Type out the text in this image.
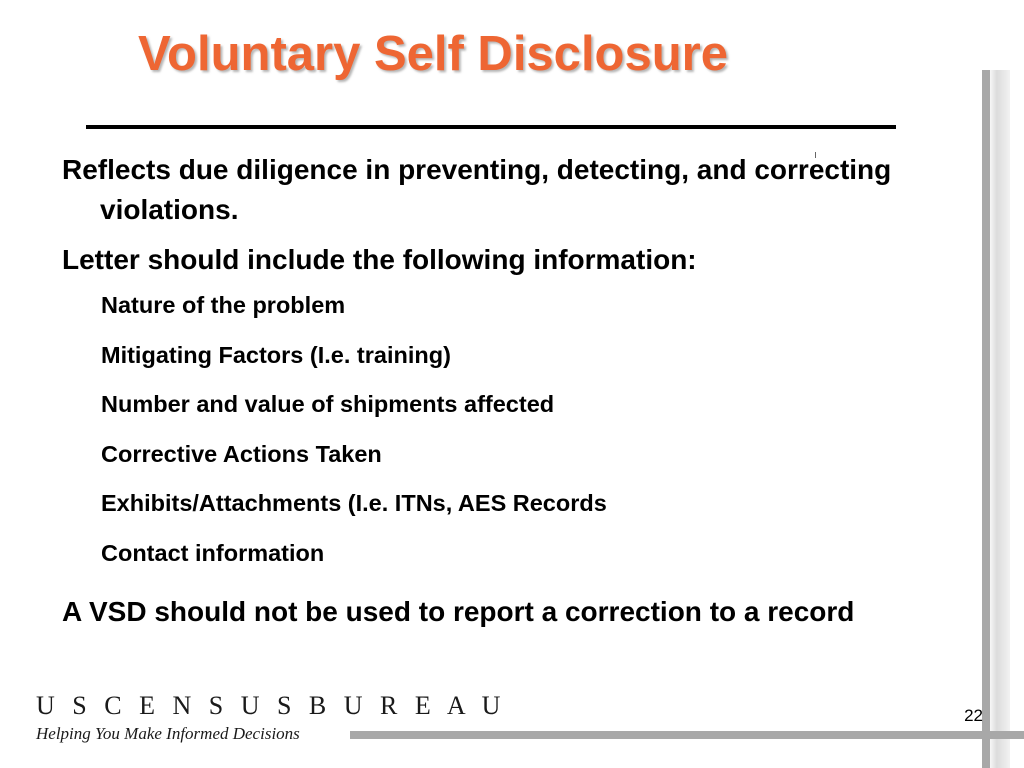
Voluntary Self Disclosure

Reflects due diligence in preventing, detecting, and correcting violations.

Letter should include the following information:

Nature of the problem

Mitigating Factors (I.e. training)

Number and value of shipments affected

Corrective Actions Taken

Exhibits/Attachments (I.e. ITNs, AES Records

Contact information

A VSD should not be used to report a correction to a record

U S C E N S U S B U R E A U
Helping You Make Informed Decisions
22
